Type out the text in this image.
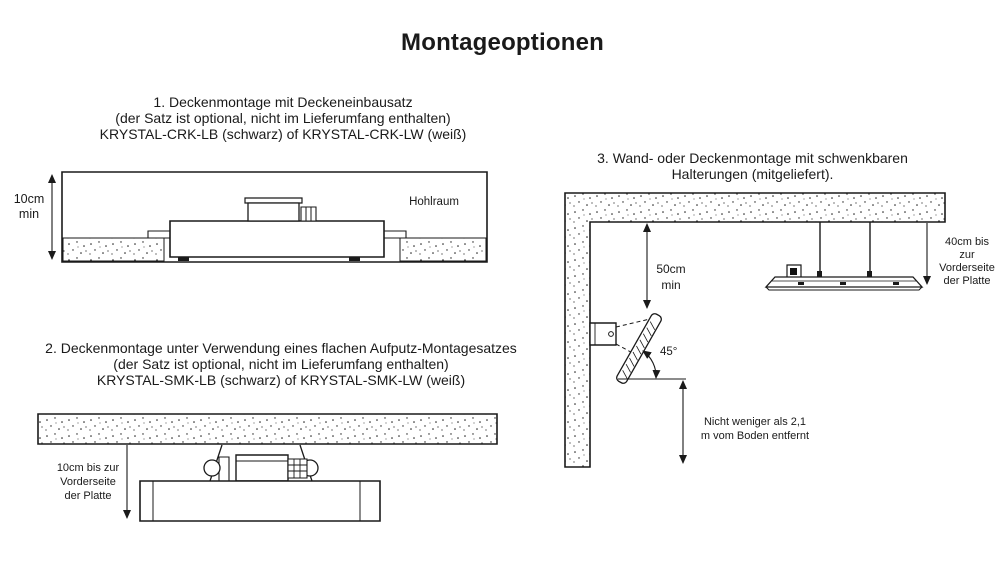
Montageoptionen
1. Deckenmontage mit Deckeneinbausatz
(der Satz ist optional, nicht im Lieferumfang enthalten)
KRYSTAL-CRK-LB (schwarz) of KRYSTAL-CRK-LW (weiß)
10cm
min
Hohlraum
2. Deckenmontage unter Verwendung eines flachen Aufputz-Montagesatzes
(der Satz ist optional, nicht im Lieferumfang enthalten)
KRYSTAL-SMK-LB (schwarz) of KRYSTAL-SMK-LW (weiß)
10cm bis zur
Vorderseite
der Platte
3. Wand- oder Deckenmontage mit schwenkbaren
Halterungen (mitgeliefert).
50cm
min
40cm bis
zur
Vorderseite
der Platte
45°
Nicht weniger als 2,1
m vom Boden entfernt
